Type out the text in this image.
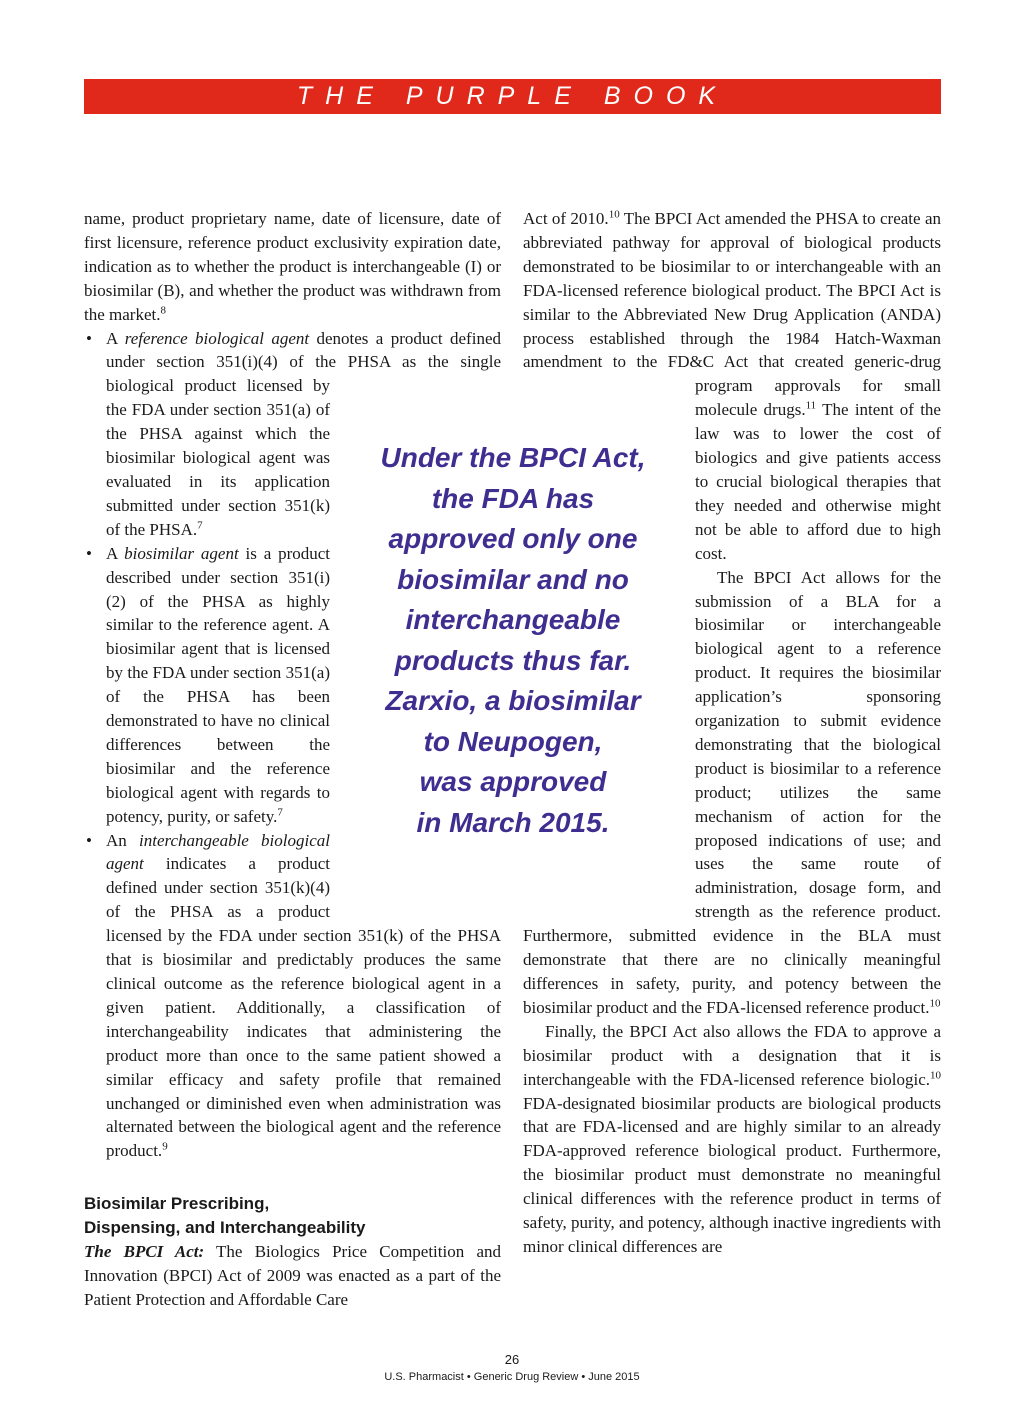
THE PURPLE BOOK

name, product proprietary name, date of licensure, date of first licensure, reference product exclusivity expiration date, indication as to whether the product is interchangeable (I) or biosimilar (B), and whether the product was withdrawn from the market.$^8$

• A reference biological agent denotes a product defined under section 351(i)(4) of the PHSA as the single biological product licensed by the FDA under section 351(a) of the PHSA against which the biosimilar biological agent was evaluated in its application submitted under section 351(k) of the PHSA.$^7$

• A biosimilar agent is a product described under section 351(i)(2) of the PHSA as highly similar to the reference agent. A biosimilar agent that is licensed by the FDA under section 351(a) of the PHSA has been demonstrated to have no clinical differences between the biosimilar and the reference biological agent with regards to potency, purity, or safety.$^7$

• An interchangeable biological agent indicates a product defined under section 351(k)(4) of the PHSA as a product licensed by the FDA under section 351(k) of the PHSA that is biosimilar and predictably produces the same clinical outcome as the reference biological agent in a given patient. Additionally, a classification of interchangeability indicates that administering the product more than once to the same patient showed a similar efficacy and safety profile that remained unchanged or diminished even when administration was alternated between the biological agent and the reference product.$^9$

Biosimilar Prescribing,
Dispensing, and Interchangeability

The BPCI Act: The Biologics Price Competition and Innovation (BPCI) Act of 2009 was enacted as a part of the Patient Protection and Affordable Care

Act of 2010.10 The BPCI Act amended the PHSA to create an abbreviated pathway for approval of biological products demonstrated to be biosimilar to or interchangeable with an FDA-licensed reference biological product. The BPCI Act is similar to the Abbreviated New Drug Application (ANDA) process established through the 1984 Hatch-Waxman amendment to the FD&C Act that created generic-drug program approvals for small molecule drugs.$^{11}$ The intent of the law was to lower the cost of biologics and give patients access to crucial biological therapies that they needed and otherwise might not be able to afford due to high cost.

The BPCI Act allows for the submission of a BLA for a biosimilar or interchangeable biological agent to a reference product. It requires the biosimilar application’s sponsoring organization to submit evidence demonstrating that the biological product is biosimilar to a reference product; utilizes the same mechanism of action for the proposed indications of use; and uses the same route of administration, dosage form, and strength as the reference product. Furthermore, submitted evidence in the BLA must demonstrate that there are no clinically meaningful differences in safety, purity, and potency between the biosimilar product and the FDA-licensed reference product.$^{10}$

Finally, the BPCI Act also allows the FDA to approve a biosimilar product with a designation that it is interchangeable with the FDA-licensed reference biologic.$^{10}$ FDA-designated biosimilar products are biological products that are FDA-licensed and are highly similar to an already FDA-approved reference biological product. Furthermore, the biosimilar product must demonstrate no meaningful clinical differences with the reference product in terms of safety, purity, and potency, although inactive ingredients with minor clinical differences are

Under the BPCI Act,
the FDA has
approved only one
biosimilar and no
interchangeable
products thus far.
Zarxio, a biosimilar
to Neupogen,
was approved
in March 2015.
26
U.S. Pharmacist • Generic Drug Review • June 2015
